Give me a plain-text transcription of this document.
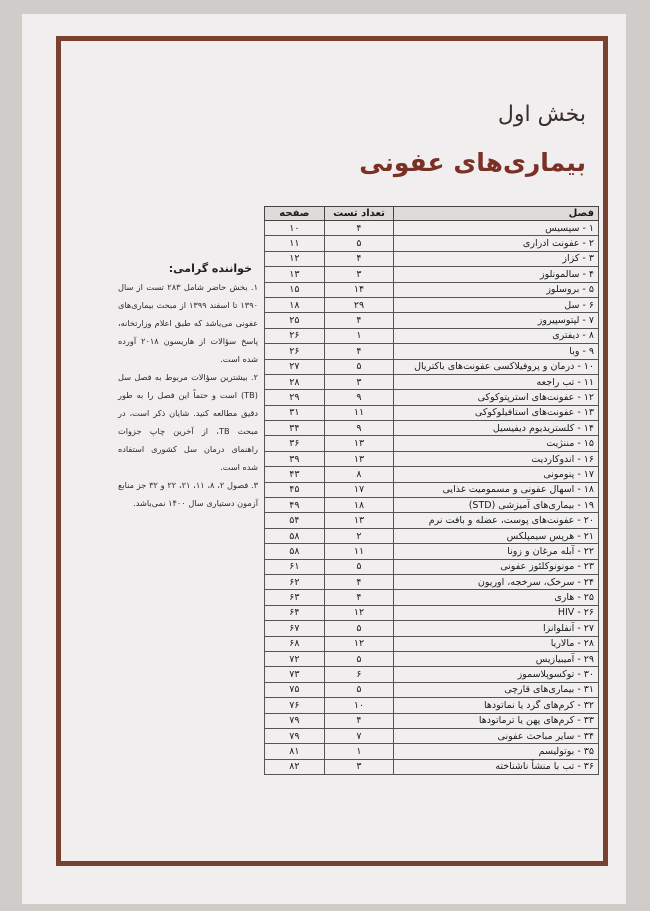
بخش اول
بیماری‌های عفونی
خواننده گرامی:

۱. بخش حاضر شامل ۲۸۳ تست از سال ۱۳۹۰ تا اسفند ۱۳۹۹ از مبحث بیماری‌های عفونی می‌باشد که طبق اعلام وزارتخانه، پاسخ سؤالات از هاریسون ۲۰۱۸ آورده شده است.

۲. بیشترین سؤالات مربوط به فصل سل (TB) است و حتماً این فصل را به طور دقیق مطالعه کنید. شایان ذکر است، در مبحث TB، از آخرین چاپ جزوات راهنمای درمان سل کشوری استفاده شده است.

۳. فصول ۲، ۸، ۱۱، ۲۱، ۲۲ و ۳۲ جز منابع آزمون دستیاری سال ۱۴۰۰ نمی‌باشد.

فصل	تعداد تست	صفحه
۱ - سپسیس	۴	۱۰
۲ - عفونت ادراری	۵	۱۱
۳ - کزاز	۴	۱۲
۴ - سالمونلوز	۳	۱۳
۵ - بروسلوز	۱۴	۱۵
۶ - سل	۲۹	۱۸
۷ - لپتوسپیروز	۴	۲۵
۸ - دیفتری	۱	۲۶
۹ - وبا	۴	۲۶
۱۰ - درمان و پروفیلاکسی عفونت‌های باکتریال	۵	۲۷
۱۱ - تب راجعه	۳	۲۸
۱۲ - عفونت‌های استرپتوکوکی	۹	۲۹
۱۳ - عفونت‌های استافیلوکوکی	۱۱	۳۱
۱۴ - کلستریدیوم دیفیسیل	۹	۳۴
۱۵ - مننژیت	۱۳	۳۶
۱۶ - اندوکاردیت	۱۳	۳۹
۱۷ - پنومونی	۸	۴۳
۱۸ - اسهال عفونی و مسمومیت غذایی	۱۷	۴۵
۱۹ - بیماری‌های آمیزشی (STD)	۱۸	۴۹
۲۰ - عفونت‌های پوست، عضله و بافت نرم	۱۳	۵۴
۲۱ - هرپس سیمپلکس	۲	۵۸
۲۲ - آبله مرغان و زونا	۱۱	۵۸
۲۳ - مونونوکلئوز عفونی	۵	۶۱
۲۴ - سرخک، سرخجه، اوریون	۴	۶۲
۲۵ - هاری	۴	۶۳
۲۶ - HIV	۱۲	۶۴
۲۷ - آنفلوانزا	۵	۶۷
۲۸ - مالاریا	۱۲	۶۸
۲۹ - آمیبیازیس	۵	۷۲
۳۰ - توکسوپلاسموز	۶	۷۳
۳۱ - بیماری‌های قارچی	۵	۷۵
۳۲ - کرم‌های گرد یا نماتودها	۱۰	۷۶
۳۳ - کرم‌های پهن یا ترماتودها	۴	۷۹
۳۴ - سایر مباحث عفونی	۷	۷۹
۳۵ - بوتولیسم	۱	۸۱
۳۶ - تب با منشأ ناشناخته	۳	۸۲
